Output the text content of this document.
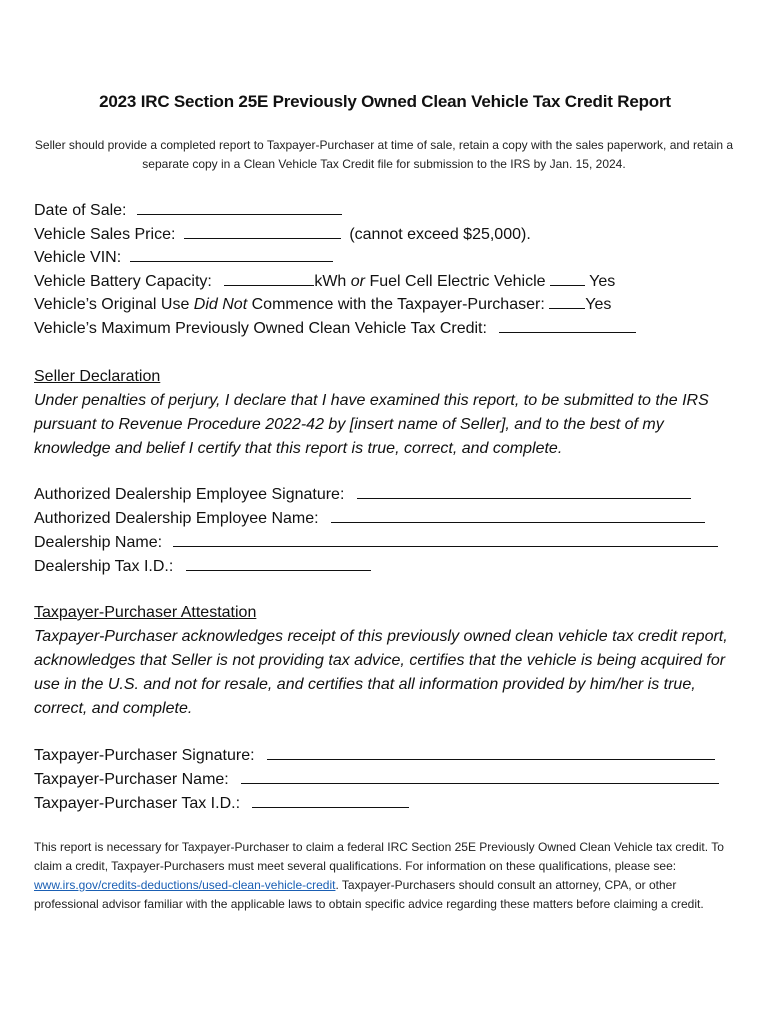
2023 IRC Section 25E Previously Owned Clean Vehicle Tax Credit Report
Seller should provide a completed report to Taxpayer-Purchaser at time of sale, retain a copy with the sales paperwork, and retain a separate copy in a Clean Vehicle Tax Credit file for submission to the IRS by Jan. 15, 2024.
Date of Sale:
Vehicle Sales Price:	(cannot exceed $25,000).
Vehicle VIN:
Vehicle Battery Capacity:	kWh or Fuel Cell Electric Vehicle	Yes
Vehicle’s Original Use Did Not Commence with the Taxpayer-Purchaser:	Yes
Vehicle’s Maximum Previously Owned Clean Vehicle Tax Credit:
Seller Declaration
Under penalties of perjury, I declare that I have examined this report, to be submitted to the IRS pursuant to Revenue Procedure 2022-42 by [insert name of Seller], and to the best of my knowledge and belief I certify that this report is true, correct, and complete.
Authorized Dealership Employee Signature:
Authorized Dealership Employee Name:
Dealership Name:
Dealership Tax I.D.:
Taxpayer-Purchaser Attestation
Taxpayer-Purchaser acknowledges receipt of this previously owned clean vehicle tax credit report, acknowledges that Seller is not providing tax advice, certifies that the vehicle is being acquired for use in the U.S. and not for resale, and certifies that all information provided by him/her is true, correct, and complete.
Taxpayer-Purchaser Signature:
Taxpayer-Purchaser Name:
Taxpayer-Purchaser Tax I.D.:
This report is necessary for Taxpayer-Purchaser to claim a federal IRC Section 25E Previously Owned Clean Vehicle tax credit. To claim a credit, Taxpayer-Purchasers must meet several qualifications. For information on these qualifications, please see: www.irs.gov/credits-deductions/used-clean-vehicle-credit. Taxpayer-Purchasers should consult an attorney, CPA, or other professional advisor familiar with the applicable laws to obtain specific advice regarding these matters before claiming a credit.
